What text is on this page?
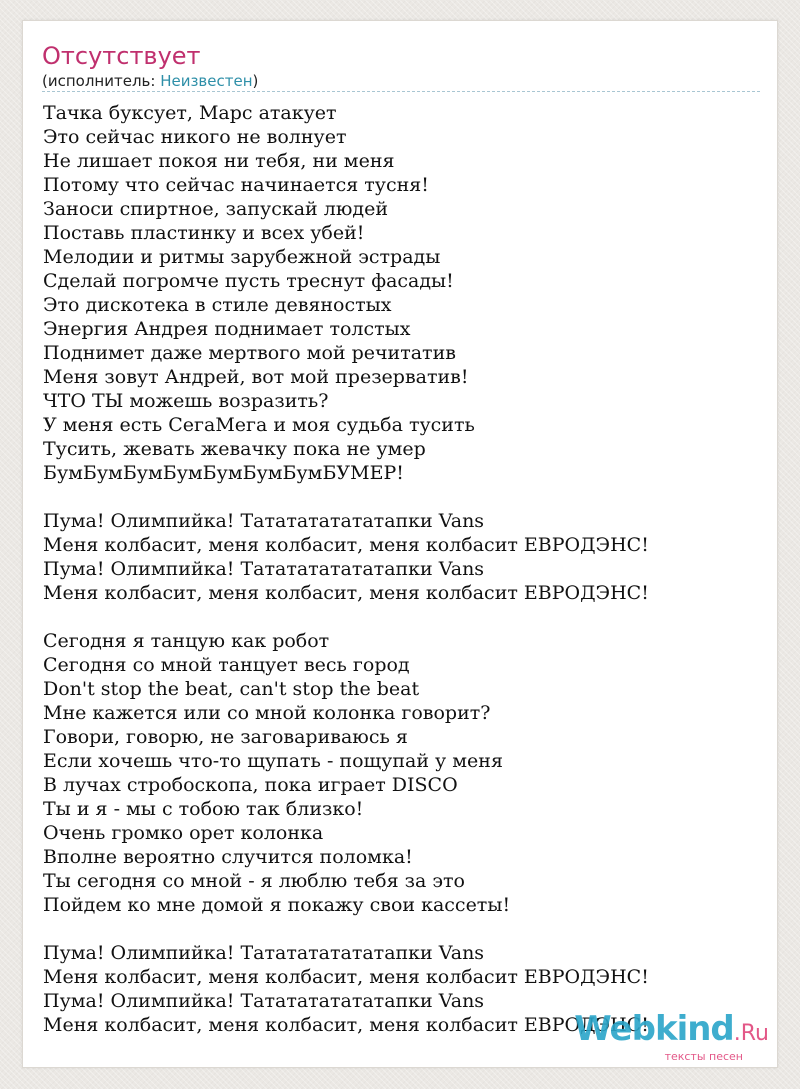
Отсутствует
(исполнитель: Неизвестен)
Тачка буксует, Марс атакует
Это сейчас никого не волнует
Не лишает покоя ни тебя, ни меня
Потому что сейчас начинается тусня!
Заноси спиртное, запускай людей
Поставь пластинку и всех убей!
Мелодии и ритмы зарубежной эстрады
Сделай погромче пусть треснут фасады!
Это дискотека в стиле девяностых
Энергия Андрея поднимает толстых
Поднимет даже мертвого мой речитатив
Меня зовут Андрей, вот мой презерватив!
ЧТО ТЫ можешь возразить?
У меня есть СегаМега и моя судьба тусить
Тусить, жевать жевачку пока не умер
БумБумБумБумБумБумБумБУМЕР!

Пума! Олимпийка! Тататататататапки Vans
Меня колбасит, меня колбасит, меня колбасит ЕВРОДЭНС!
Пума! Олимпийка! Тататататататапки Vans
Меня колбасит, меня колбасит, меня колбасит ЕВРОДЭНС!

Сегодня я танцую как робот
Сегодня со мной танцует весь город
Don't stop the beat, can't stop the beat
Мне кажется или со мной колонка говорит?
Говори, говорю, не заговариваюсь я
Если хочешь что-то щупать - пощупай у меня
В лучах стробоскопа, пока играет DISCO
Ты и я - мы с тобою так близко!
Очень громко орет колонка
Вполне вероятно случится поломка!
Ты сегодня со мной - я люблю тебя за это
Пойдем ко мне домой я покажу свои кассеты!

Пума! Олимпийка! Тататататататапки Vans
Меня колбасит, меня колбасит, меня колбасит ЕВРОДЭНС!
Пума! Олимпийка! Тататататататапки Vans
Меня колбасит, меня колбасит, меня колбасит ЕВРОДЭНС!
Webkind.Ru
тексты песен
